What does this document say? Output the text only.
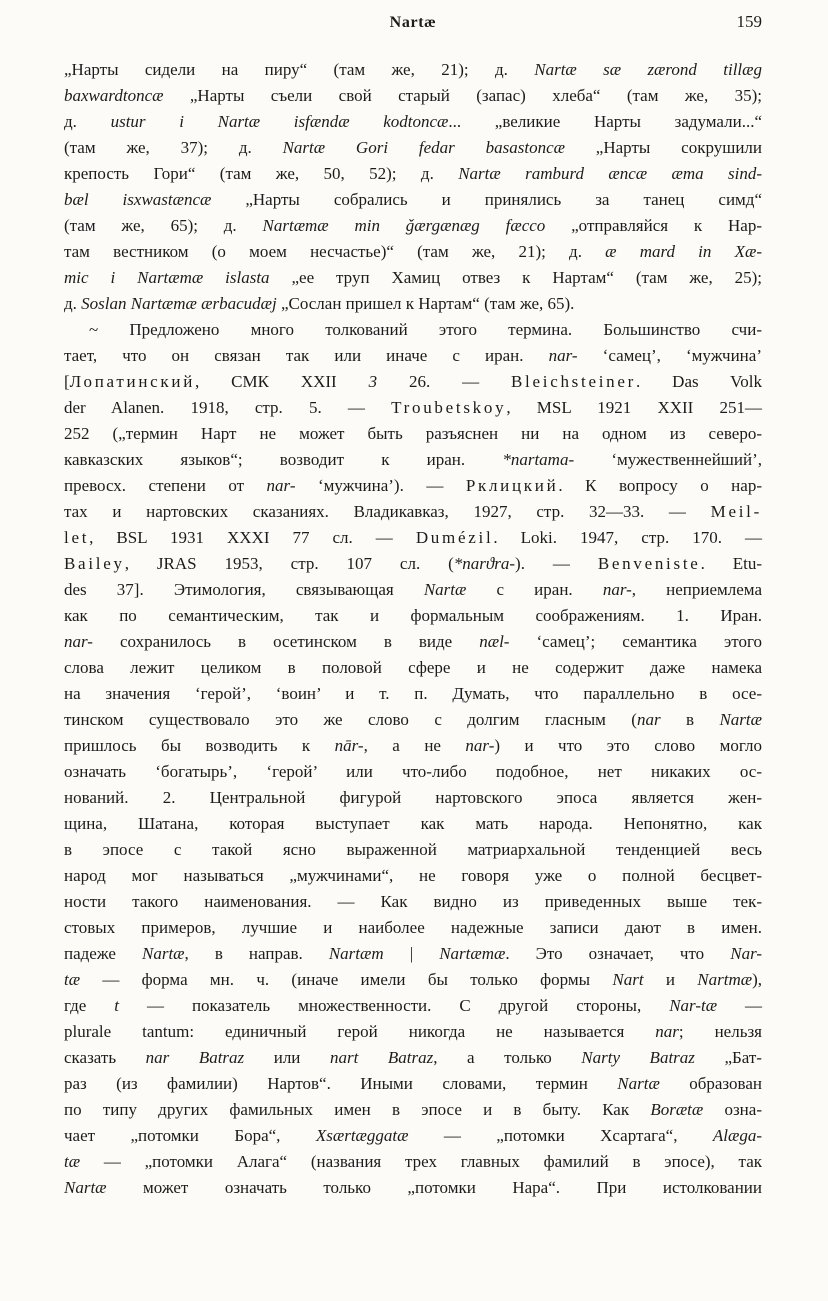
Nartæ	159
„Нарты сидели на пиру“ (там же, 21); д. Nartæ sæ zærond tillæg
baxwardtoncæ „Нарты съели свой старый (запас) хлеба“ (там же, 35);
д. ustur i Nartæ isfændæ kodtoncæ... „великие Нарты задумали...“
(там же, 37); д. Nartæ Gori fedar basastoncæ „Нарты сокрушили
крепость Гори“ (там же, 50, 52); д. Nartæ ramburd æncæ æma sind-
bæl isxwastæncæ „Нарты собрались и принялись за танец симд“
(там же, 65); д. Nartæmæ min ǧærgænæg fæcco „отправляйся к Нар-
там вестником (о моем несчастье)“ (там же, 21); д. æ mard in Xæ-
mic i Nartæmæ islasta „ее труп Хамиц отвез к Нартам“ (там же, 25);
д. Soslan Nartæmæ ærbacudæj „Сослан пришел к Нартам“ (там же, 65).
~ Предложено много толкований этого термина. Большинство счи-
тает, что он связан так или иначе с иран. nar- ‘самец’, ‘мужчина’
[Лопатинский, СМК XXII 3 26. — Bleichsteiner. Das Volk
der Alanen. 1918, стр. 5. — Troubetskoy, MSL 1921 XXII 251—
252 („термин Нарт не может быть разъяснен ни на одном из северо-
кавказских языков“; возводит к иран. *nartama- ‘мужественнейший’,
превосх. степени от nar- ‘мужчина’). — Рклицкий. К вопросу о нар-
тах и нартовских сказаниях. Владикавказ, 1927, стр. 32—33. — Meil-
let, BSL 1931 XXXI 77 сл. — Dumézil. Loki. 1947, стр. 170. —
Bailey, JRAS 1953, стр. 107 сл. (*narϑra-). — Benveniste. Etu-
des 37]. Этимология, связывающая Nartæ с иран. nar-, неприемлема
как по семантическим, так и формальным соображениям. 1. Иран.
nar- сохранилось в осетинском в виде næl- ‘самец’; семантика этого
слова лежит целиком в половой сфере и не содержит даже намека
на значения ‘герой’, ‘воин’ и т. п. Думать, что параллельно в осе-
тинском существовало это же слово с долгим гласным (nar в Nartæ
пришлось бы возводить к nār-, а не nar-) и что это слово могло
означать ‘богатырь’, ‘герой’ или что-либо подобное, нет никаких ос-
нований. 2. Центральной фигурой нартовского эпоса является жен-
щина, Шатана, которая выступает как мать народа. Непонятно, как
в эпосе с такой ясно выраженной матриархальной тенденцией весь
народ мог называться „мужчинами“, не говоря уже о полной бесцвет-
ности такого наименования. — Как видно из приведенных выше тек-
стовых примеров, лучшие и наиболее надежные записи дают в имен.
падеже Nartæ, в направ. Nartæm | Nartæmæ. Это означает, что Nar-
tæ — форма мн. ч. (иначе имели бы только формы Nart и Nartmæ),
где t — показатель множественности. С другой стороны, Nar-tæ —
plurale tantum: единичный герой никогда не называется nar; нельзя
сказать nar Batraz или nart Batraz, а только Narty Batraz „Бат-
раз (из фамилии) Нартов“. Иными словами, термин Nartæ образован
по типу других фамильных имен в эпосе и в быту. Как Borætæ озна-
чает „потомки Бора“, Xsærtæggatæ — „потомки Хсартага“, Alæga-
tæ — „потомки Алага“ (названия трех главных фамилий в эпосе), так
Nartæ может означать только „потомки Нара“. При истолковании
